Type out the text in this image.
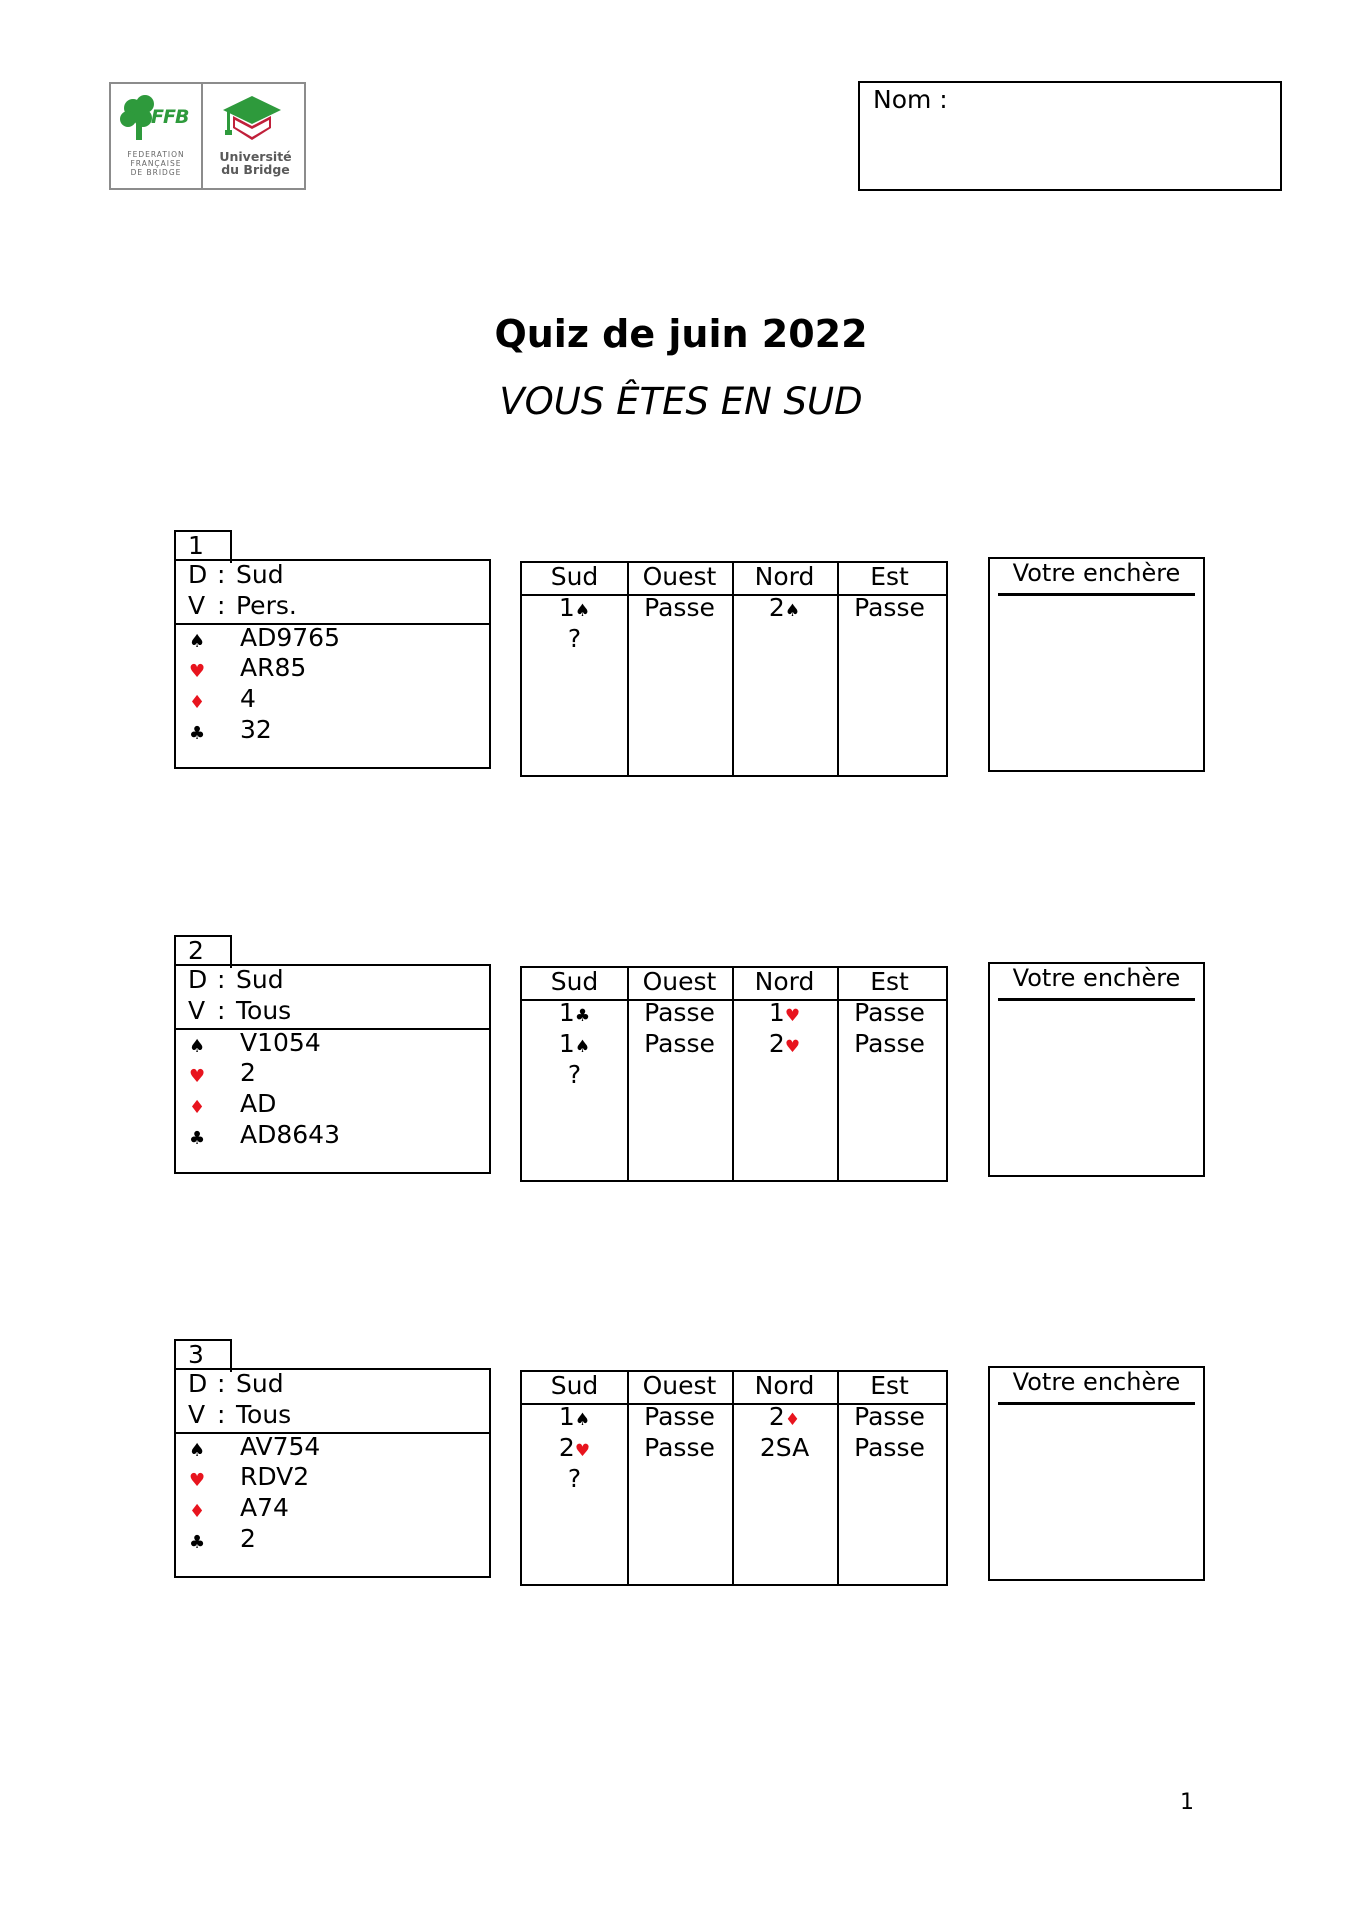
FFB
FEDERATION
FRANÇAISE
DE BRIDGE
Université
du Bridge
Nom :
Quiz de juin 2022
VOUS ÊTES EN SUD
1
D : Sud
V : Pers.
♠ AD9765
♥ AR85
♦ 4
♣ 32
Sud
1♠
?
Ouest
Passe
Nord
2♠
Est
Passe
Votre enchère
2
D : Sud
V : Tous
♠ V1054
♥ 2
♦ AD
♣ AD8643
Sud
1♣
1♠
?
Ouest
Passe
Passe
Nord
1♥
2♥
Est
Passe
Passe
Votre enchère
3
D : Sud
V : Tous
♠ AV754
♥ RDV2
♦ A74
♣ 2
Sud
1♠
2♥
?
Ouest
Passe
Passe
Nord
2♦
2SA
Est
Passe
Passe
Votre enchère
1
